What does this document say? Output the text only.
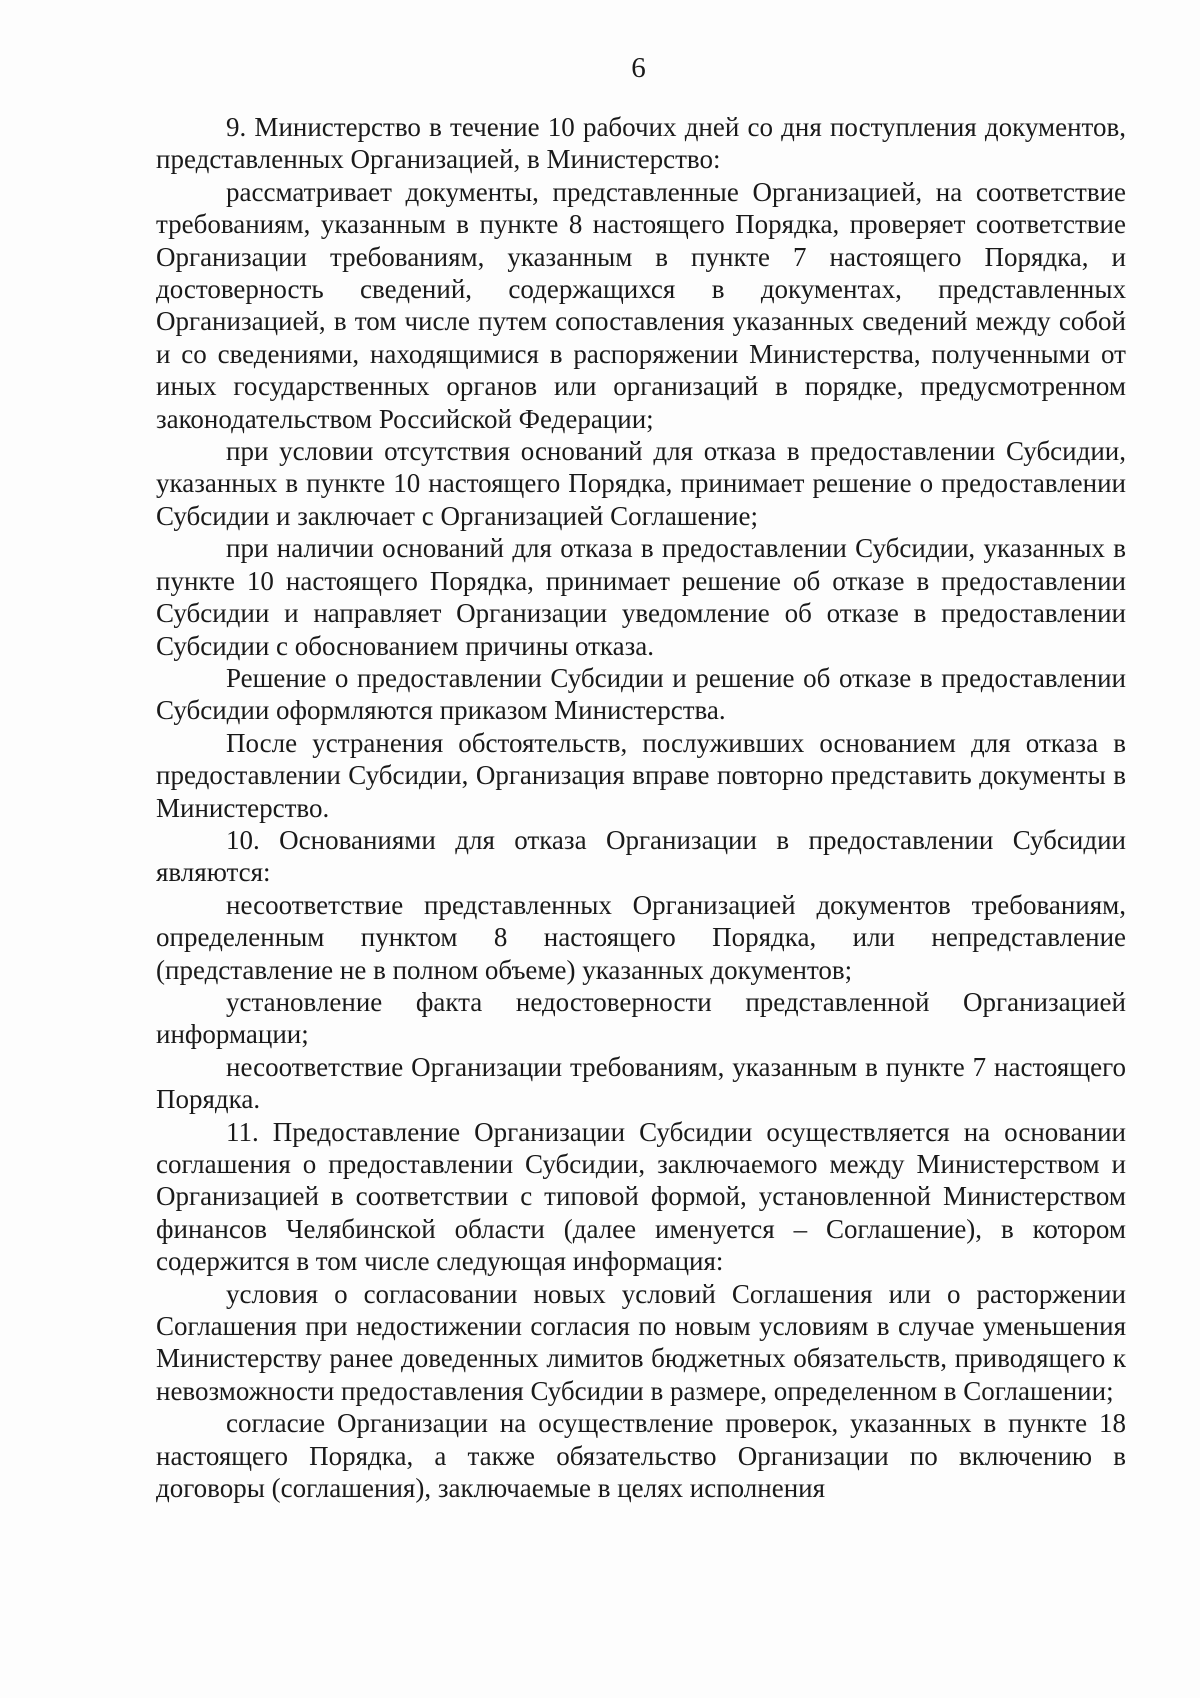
6

9. Министерство в течение 10 рабочих дней со дня поступления документов, представленных Организацией, в Министерство:

рассматривает документы, представленные Организацией, на соответствие требованиям, указанным в пункте 8 настоящего Порядка, проверяет соответствие Организации требованиям, указанным в пункте 7 настоящего Порядка, и достоверность сведений, содержащихся в документах, представленных Организацией, в том числе путем сопоставления указанных сведений между собой и со сведениями, находящимися в распоряжении Министерства, полученными от иных государственных органов или организаций в порядке, предусмотренном законодательством Российской Федерации;

при условии отсутствия оснований для отказа в предоставлении Субсидии, указанных в пункте 10 настоящего Порядка, принимает решение о предоставлении Субсидии и заключает с Организацией Соглашение;

при наличии оснований для отказа в предоставлении Субсидии, указанных в пункте 10 настоящего Порядка, принимает решение об отказе в предоставлении Субсидии и направляет Организации уведомление об отказе в предоставлении Субсидии с обоснованием причины отказа.

Решение о предоставлении Субсидии и решение об отказе в предоставлении Субсидии оформляются приказом Министерства.

После устранения обстоятельств, послуживших основанием для отказа в предоставлении Субсидии, Организация вправе повторно представить документы в Министерство.

10. Основаниями для отказа Организации в предоставлении Субсидии являются:

несоответствие представленных Организацией документов требованиям, определенным пунктом 8 настоящего Порядка, или непредставление (представление не в полном объеме) указанных документов;

установление факта недостоверности представленной Организацией информации;

несоответствие Организации требованиям, указанным в пункте 7 настоящего Порядка.

11. Предоставление Организации Субсидии осуществляется на основании соглашения о предоставлении Субсидии, заключаемого между Министерством и Организацией в соответствии с типовой формой, установленной Министерством финансов Челябинской области (далее именуется – Соглашение), в котором содержится в том числе следующая информация:

условия о согласовании новых условий Соглашения или о расторжении Соглашения при недостижении согласия по новым условиям в случае уменьшения Министерству ранее доведенных лимитов бюджетных обязательств, приводящего к невозможности предоставления Субсидии в размере, определенном в Соглашении;

согласие Организации на осуществление проверок, указанных в пункте 18 настоящего Порядка, а также обязательство Организации по включению в договоры (соглашения), заключаемые в целях исполнения
